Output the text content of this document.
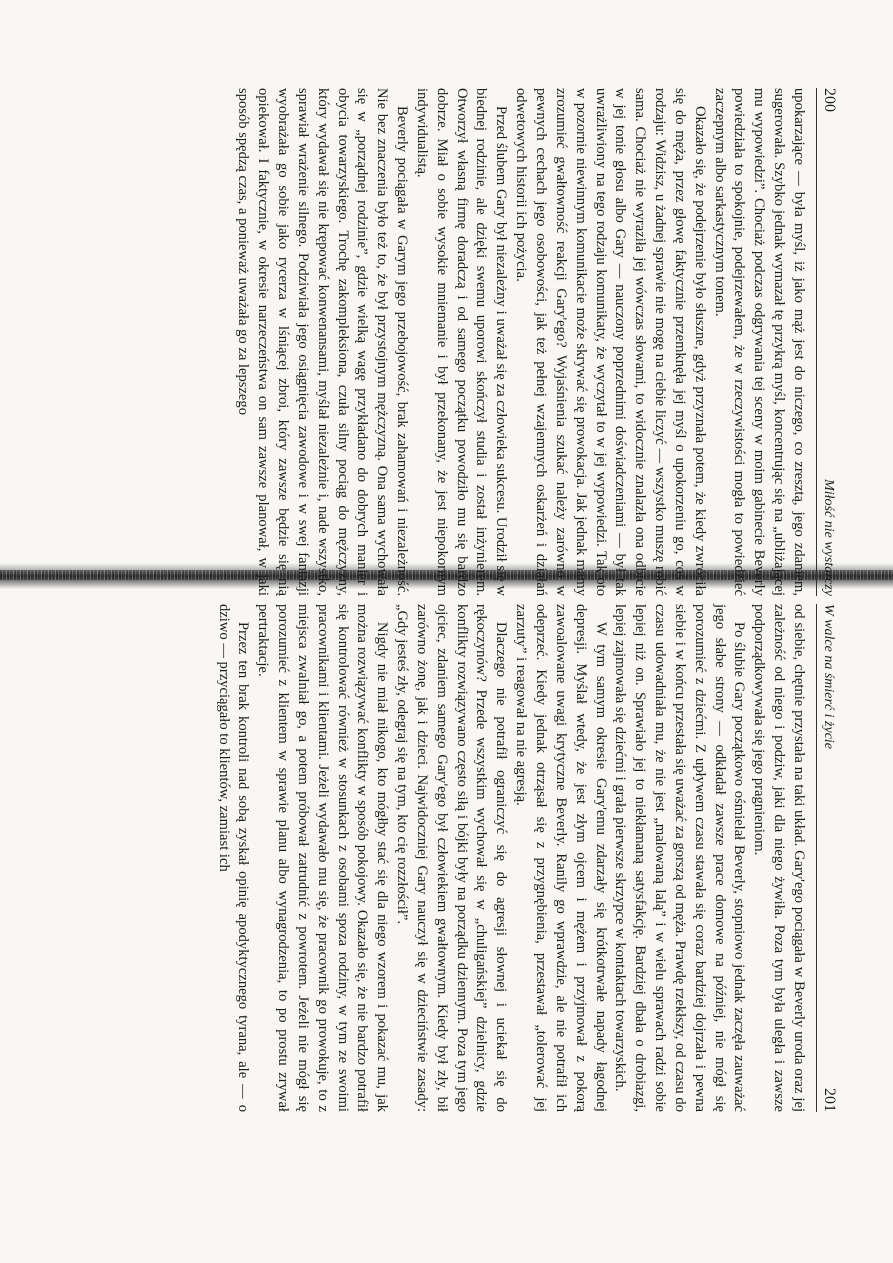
200
Miłość nie wystarczy

upokarzające — była myśl, iż jako mąż jest do niczego, co zresztą, jego zdaniem, sugerowała. Szybko jednak wymazał tę przykrą myśl, koncentrując się na „ubliżającej mu wypowiedzi”. Chociaż podczas odgrywania tej sceny w moim gabinecie Beverly powiedziała to spokojnie, podejrzewałem, że w rzeczywistości mogła to powiedzieć zaczepnym albo sarkastycznym tonem.

Okazało się, że podejrzenie było słuszne, gdyż przyznała potem, że kiedy zwróciła się do męża, przez głowę faktycznie przemknęła jej myśl o upokorzeniu go, coś w rodzaju: Widzisz, u żadnej sprawie nie mogę na ciebie liczyć — wszystko muszę robić sama. Chociaż nie wyraziła jej wówczas słowami, to widocznie znalazła ona odbicie w jej tonie głosu albo Gary — nauczony poprzednimi doświadczeniami — był tak uwrażliwiony na tego rodzaju komunikaty, że wyczytał to w jej wypowiedzi. Tak oto w pozornie niewinnym komunikacie może skrywać się prowokacja. Jak jednak mamy zrozumieć gwałtowność reakcji Gary'ego? Wyjaśnienia szukać należy zarówno w pewnych cechach jego osobowości, jak też pełnej wzajemnych oskarżeń i działań odwetowych historii ich pożycia.

Przed ślubem Gary był niezależny i uważał się za człowieka sukcesu. Urodził się w biednej rodzinie, ale dzięki swemu uporowi skończył studia i został inżynierem. Otworzył własną firmę doradczą i od samego początku powodziło mu się bardzo dobrze. Miał o sobie wysokie mniemanie i był przekonany, że jest niepokornym indywidualistą.

Beverly pociągała w Garym jego przebojowość, brak zahamowań i niezależność. Nie bez znaczenia było też to, że był przystojnym mężczyzną. Ona sama wychowała się w „porządnej rodzinie”, gdzie wielką wagę przykładano do dobrych manier i obycia towarzyskiego. Trochę zakompleksiona, czuła silny pociąg do mężczyzny, który wydawał się nie krępować konwenansami, myślał niezależnie i, nade wszystko, sprawiał wrażenie silnego. Podziwiała jego osiągnięcia zawodowe i w swej fantazji wyobrażała go sobie jako rycerza w lśniącej zbroi, który zawsze będzie się nią opiekował. I faktycznie, w okresie narzeczeństwa on sam zawsze planował, w jaki sposób spędzą czas, a ponieważ uważała go za lepszego

201
W walce na śmierć i życie

od siebie, chętnie przystała na taki układ. Gary'ego pociągała w Beverly uroda oraz jej zależność od niego i podziw, jaki dla niego żywiła. Poza tym była uległa i zawsze podporządkowywała się jego pragnieniom.

Po ślubie Gary początkowo ośmielał Beverly, stopniowo jednak zaczęła zauważać jego słabe strony — odkładał zawsze prace domowe na później, nie mógł się porozumieć z dziećmi. Z upływem czasu stawała się coraz bardziej dojrzała i pewna siebie i w końcu przestała się uważać za gorszą od męża. Prawdę rzekłszy, od czasu do czasu udowadniała mu, że nie jest „malowaną lalą” i w wielu sprawach radzi sobie lepiej niż on. Sprawiało jej to niekłamaną satysfakcję. Bardziej dbała o drobiazgi, lepiej zajmowała się dziećmi i grała pierwsze skrzypce w kontaktach towarzyskich.

W tym samym okresie Gary'emu zdarzały się krótkotrwałe napady łagodnej depresji. Myślał wtedy, że jest złym ojcem i mężem i przyjmował z pokorą zawoalowane uwagi krytyczne Beverly. Ranily go wprawdzie, ale nie potrafił ich odeprzeć. Kiedy jednak otrząsał się z przygnębienia, przestawał „tolerować jej zarzuty” i reagował na nie agresją.

Dlaczego nie potrafił ograniczyć się do agresji słownej i uciekał się do rękoczynów? Przede wszystkim wychował się w „chuligańskiej” dzielnicy, gdzie konflikty rozwiązywano często siłą i bójki były na porządku dziennym. Poza tym jego ojciec, zdaniem samego Gary'ego był człowiekiem gwałtownym. Kiedy był zły, bił zarówno żonę, jak i dzieci. Najwidoczniej Gary nauczył się w dzieciństwie zasady: „Gdy jesteś zły, odegraj się na tym, kto cię rozzłościł”.

Nigdy nie miał nikogo, kto mógłby stać się dla niego wzorem i pokazać mu, jak można rozwiązywać konflikty w sposób pokojowy. Okazało się, że nie bardzo potrafił się kontrolować również w stosunkach z osobami spoza rodziny, w tym ze swoimi pracownikami i klientami. Jeżeli wydawało mu się, że pracownik go prowokuje, to z miejsca zwalniał go, a potem próbował zatrudnić z powrotem. Jeżeli nie mógł się porozumieć z klientem w sprawie planu albo wynagrodzenia, to po prostu zrywał pertraktacje.

Przez ten brak kontroli nad sobą zyskał opinię apodyktycznego tyrana, ale — o dziwo — przyciągało to klientów, zamiast ich
